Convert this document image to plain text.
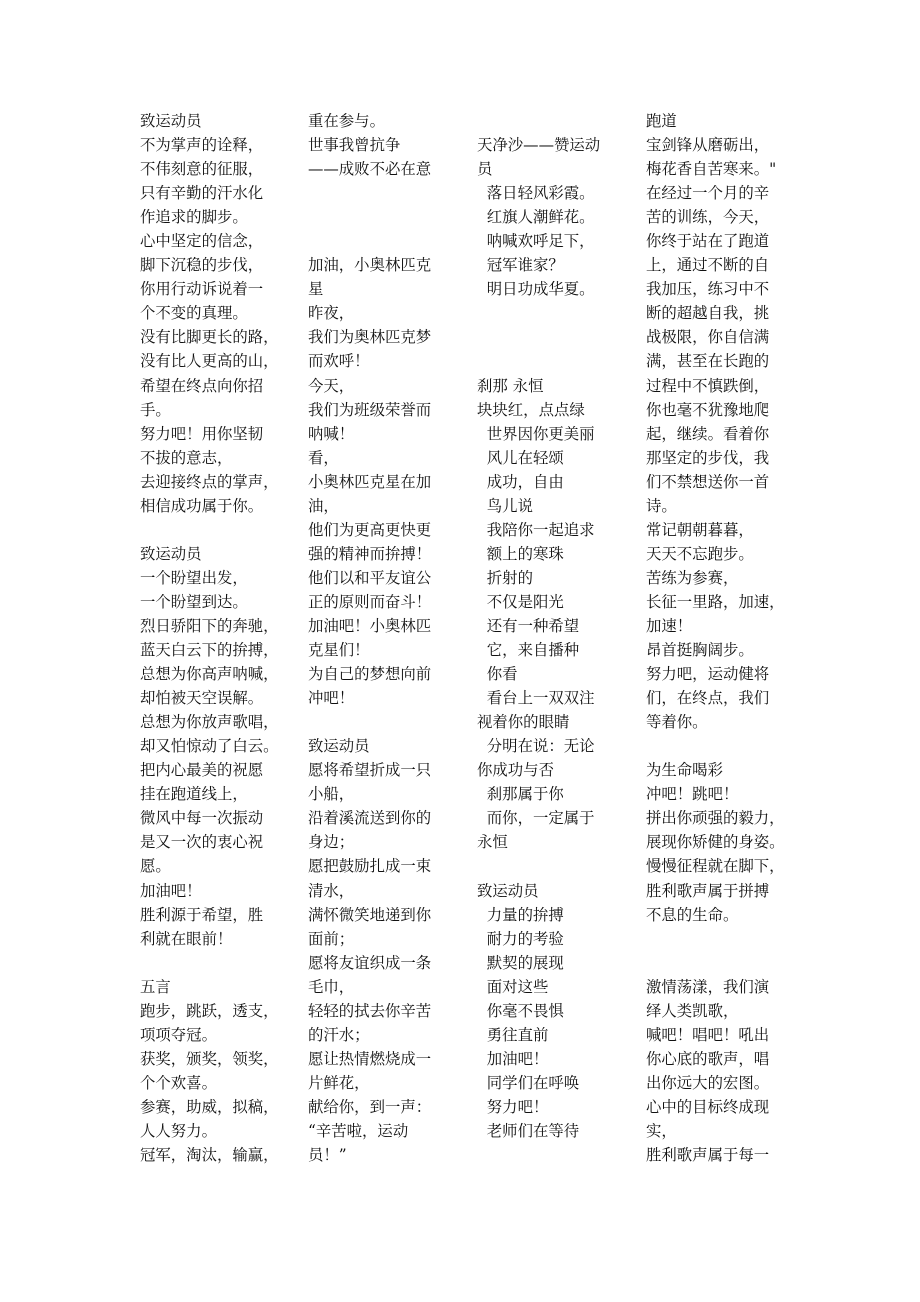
致运动员
不为掌声的诠释，
不伟刻意的征服，
只有辛勤的汗水化
作追求的脚步。
心中坚定的信念，
脚下沉稳的步伐，
你用行动诉说着一
个不变的真理。
没有比脚更长的路，
没有比人更高的山，
希望在终点向你招
手。
努力吧！用你坚韧
不拔的意志，
去迎接终点的掌声，
相信成功属于你。
致运动员
一个盼望出发，
一个盼望到达。
烈日骄阳下的奔驰，
蓝天白云下的拚搏，
总想为你高声呐喊，
却怕被天空误解。
总想为你放声歌唱，
却又怕惊动了白云。
把内心最美的祝愿
挂在跑道线上，
微风中每一次振动
是又一次的衷心祝
愿。
加油吧！
胜利源于希望，胜
利就在眼前！
五言
跑步，跳跃，透支，
项项夺冠。
获奖，颁奖，领奖，
个个欢喜。
参赛，助威，拟稿，
人人努力。
冠军，淘汰，输赢，
重在参与。
世事我曾抗争
——成败不必在意
加油，小奥林匹克
星
昨夜，
我们为奥林匹克梦
而欢呼！
今天，
我们为班级荣誉而
呐喊！
看，
小奥林匹克星在加
油，
他们为更高更快更
强的精神而拚搏！
他们以和平友谊公
正的原则而奋斗！
加油吧！小奥林匹
克星们！
为自己的梦想向前
冲吧！
致运动员
愿将希望折成一只
小船，
沿着溪流送到你的
身边；
愿把鼓励扎成一束
清水，
满怀微笑地递到你
面前；
愿将友谊织成一条
毛巾，
轻轻的拭去你辛苦
的汗水；
愿让热情燃烧成一
片鲜花，
献给你，到一声：
“辛苦啦，运动
员！”
天净沙——赞运动
员
落日轻风彩霞。
红旗人潮鲜花。
呐喊欢呼足下，
冠军谁家？
明日功成华夏。
刹那 永恒
块块红，点点绿
世界因你更美丽
风儿在轻颂
成功，自由
鸟儿说
我陪你一起追求
额上的寒珠
折射的
不仅是阳光
还有一种希望
它，来自播种
你看
看台上一双双注
视着你的眼睛
分明在说：无论
你成功与否
刹那属于你
而你，一定属于
永恒
致运动员
力量的拚搏
耐力的考验
默契的展现
面对这些
你毫不畏惧
勇往直前
加油吧！
同学们在呼唤
努力吧！
老师们在等待
跑道
宝剑锋从磨砺出，
梅花香自苦寒来。"
在经过一个月的辛
苦的训练，今天，
你终于站在了跑道
上，通过不断的自
我加压，练习中不
断的超越自我，挑
战极限，你自信满
满，甚至在长跑的
过程中不慎跌倒，
你也毫不犹豫地爬
起，继续。看着你
那坚定的步伐，我
们不禁想送你一首
诗。
常记朝朝暮暮，
天天不忘跑步。
苦练为参赛，
长征一里路，加速，
加速！
昂首挺胸阔步。
努力吧，运动健将
们，在终点，我们
等着你。
为生命喝彩
冲吧！跳吧！
拼出你顽强的毅力，
展现你矫健的身姿。
慢慢征程就在脚下，
胜利歌声属于拼搏
不息的生命。
激情荡漾，我们演
绎人类凯歌，
喊吧！唱吧！吼出
你心底的歌声，唱
出你远大的宏图。
心中的目标终成现
实，
胜利歌声属于每一
